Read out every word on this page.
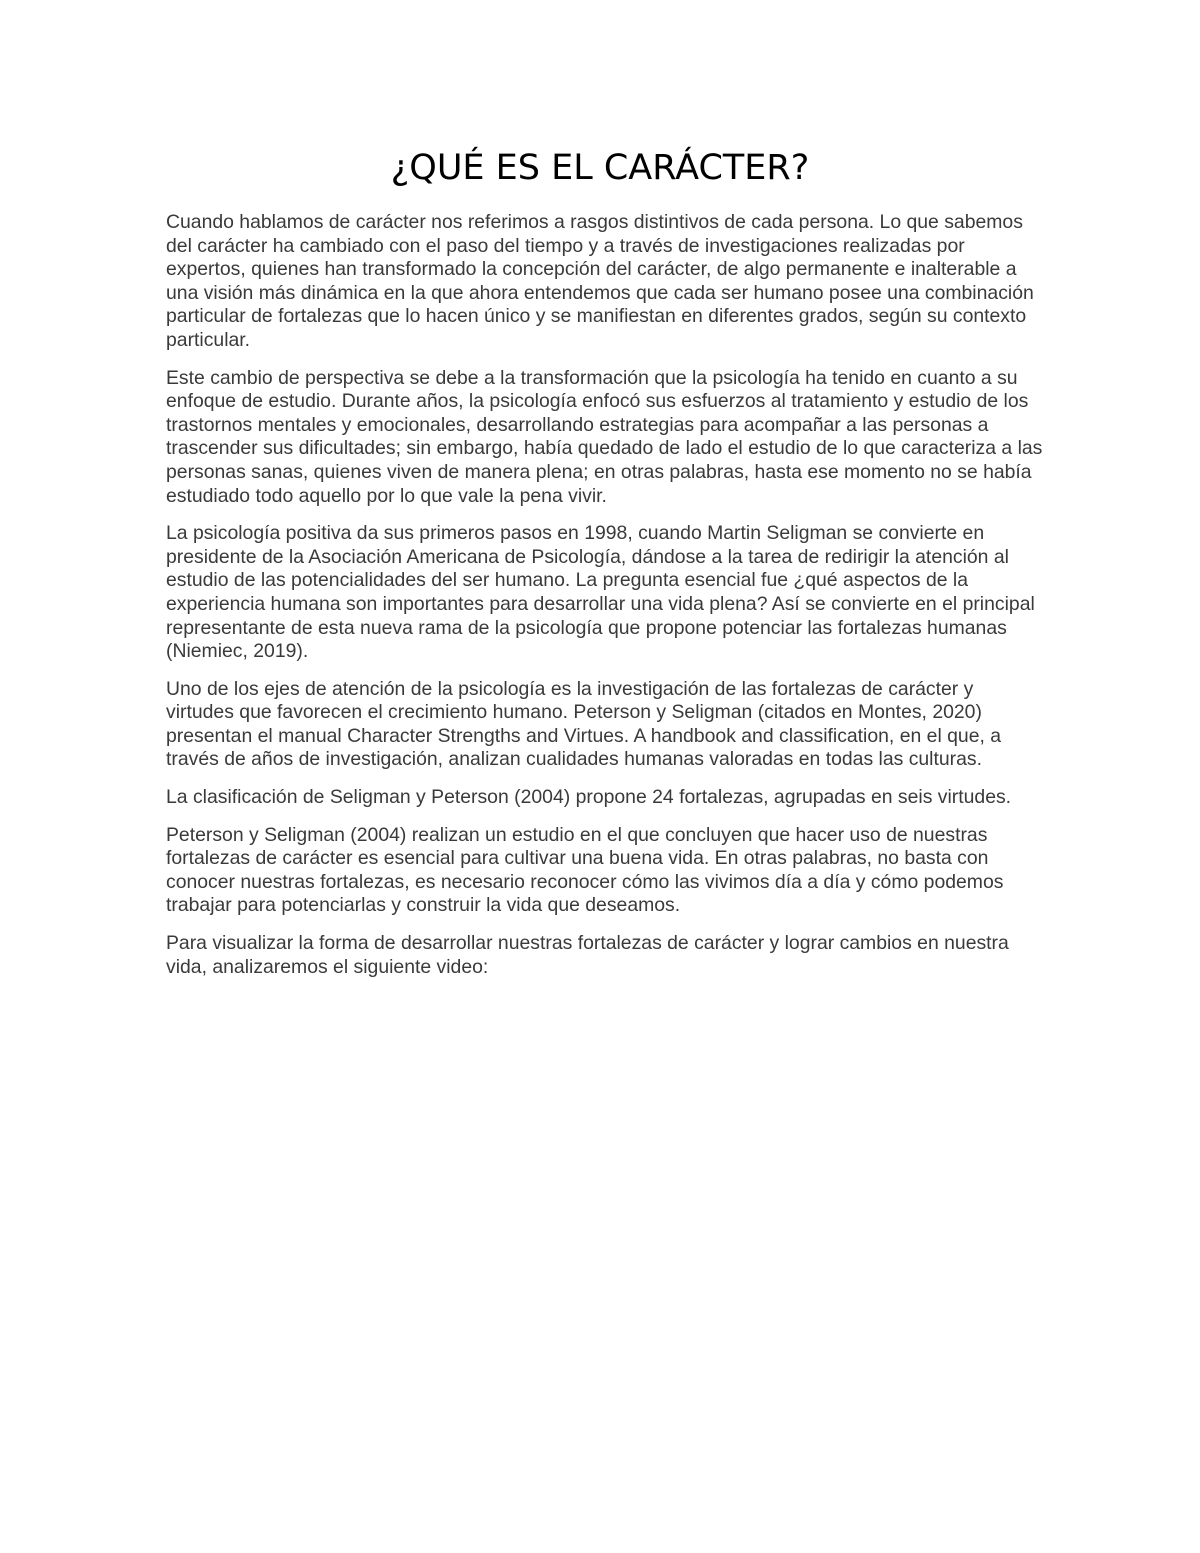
¿QUÉ ES EL CARÁCTER?

Cuando hablamos de carácter nos referimos a rasgos distintivos de cada persona. Lo que sabemos del carácter ha cambiado con el paso del tiempo y a través de investigaciones realizadas por expertos, quienes han transformado la concepción del carácter, de algo permanente e inalterable a una visión más dinámica en la que ahora entendemos que cada ser humano posee una combinación particular de fortalezas que lo hacen único y se manifiestan en diferentes grados, según su contexto particular.

Este cambio de perspectiva se debe a la transformación que la psicología ha tenido en cuanto a su enfoque de estudio. Durante años, la psicología enfocó sus esfuerzos al tratamiento y estudio de los trastornos mentales y emocionales, desarrollando estrategias para acompañar a las personas a trascender sus dificultades; sin embargo, había quedado de lado el estudio de lo que caracteriza a las personas sanas, quienes viven de manera plena; en otras palabras, hasta ese momento no se había estudiado todo aquello por lo que vale la pena vivir.

La psicología positiva da sus primeros pasos en 1998, cuando Martin Seligman se convierte en presidente de la Asociación Americana de Psicología, dándose a la tarea de redirigir la atención al estudio de las potencialidades del ser humano. La pregunta esencial fue ¿qué aspectos de la experiencia humana son importantes para desarrollar una vida plena? Así se convierte en el principal representante de esta nueva rama de la psicología que propone potenciar las fortalezas humanas (Niemiec, 2019).

Uno de los ejes de atención de la psicología es la investigación de las fortalezas de carácter y virtudes que favorecen el crecimiento humano. Peterson y Seligman (citados en Montes, 2020) presentan el manual Character Strengths and Virtues. A handbook and classification, en el que, a través de años de investigación, analizan cualidades humanas valoradas en todas las culturas.

La clasificación de Seligman y Peterson (2004) propone 24 fortalezas, agrupadas en seis virtudes.

Peterson y Seligman (2004) realizan un estudio en el que concluyen que hacer uso de nuestras fortalezas de carácter es esencial para cultivar una buena vida. En otras palabras, no basta con conocer nuestras fortalezas, es necesario reconocer cómo las vivimos día a día y cómo podemos trabajar para potenciarlas y construir la vida que deseamos.

Para visualizar la forma de desarrollar nuestras fortalezas de carácter y lograr cambios en nuestra vida, analizaremos el siguiente video:
